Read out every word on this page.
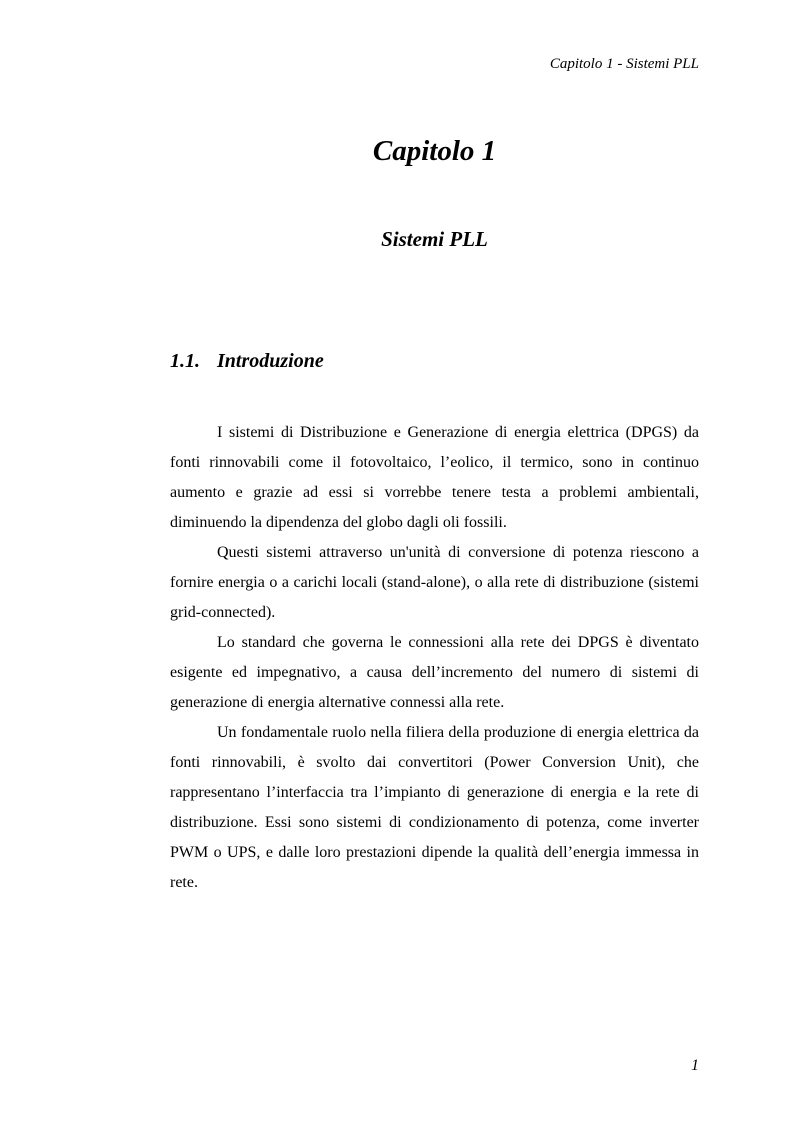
Capitolo 1 - Sistemi PLL
Capitolo 1
Sistemi PLL
1.1. Introduzione

I sistemi di Distribuzione e Generazione di energia elettrica (DPGS) da fonti rinnovabili come il fotovoltaico, l’eolico, il termico, sono in continuo aumento e grazie ad essi si vorrebbe tenere testa a problemi ambientali, diminuendo la dipendenza del globo dagli oli fossili.

Questi sistemi attraverso un'unità di conversione di potenza riescono a fornire energia o a carichi locali (stand-alone), o alla rete di distribuzione (sistemi grid-connected).

Lo standard che governa le connessioni alla rete dei DPGS è diventato esigente ed impegnativo, a causa dell’incremento del numero di sistemi di generazione di energia alternative connessi alla rete.

Un fondamentale ruolo nella filiera della produzione di energia elettrica da fonti rinnovabili, è svolto dai convertitori (Power Conversion Unit), che rappresentano l’interfaccia tra l’impianto di generazione di energia e la rete di distribuzione. Essi sono sistemi di condizionamento di potenza, come inverter PWM o UPS, e dalle loro prestazioni dipende la qualità dell’energia immessa in rete.

1
